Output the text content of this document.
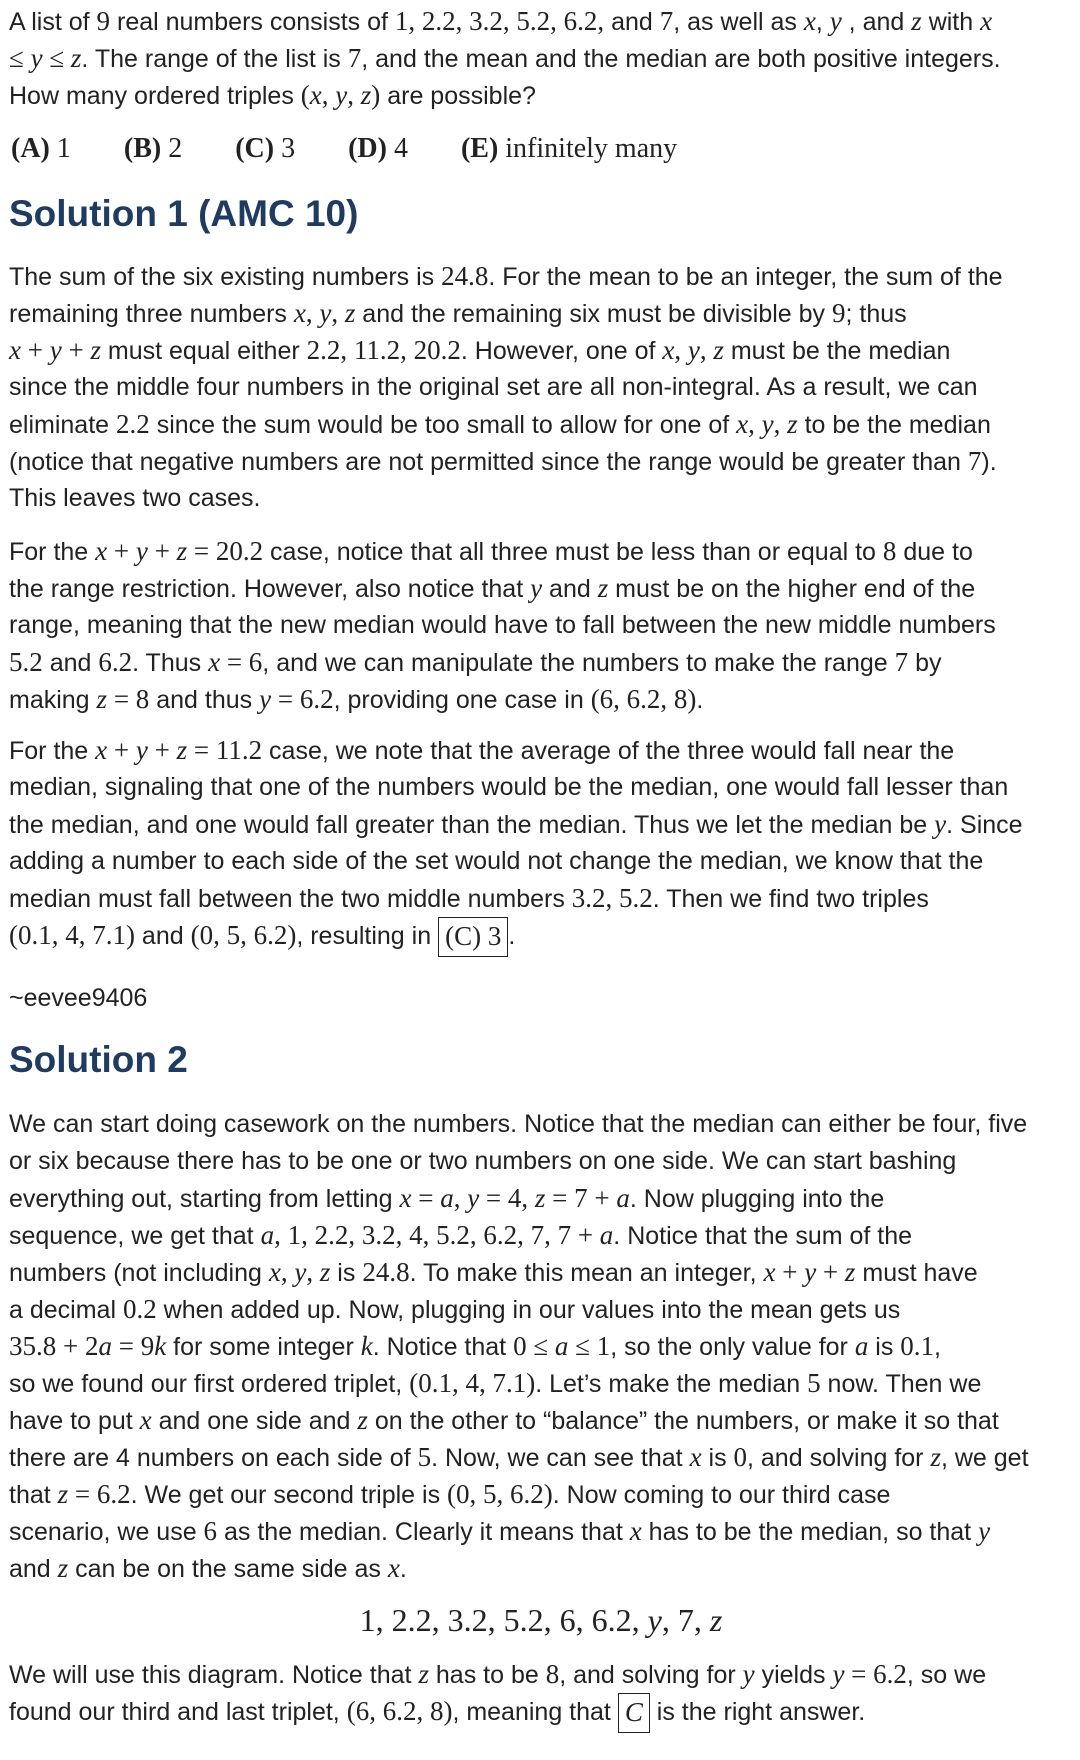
A list of 9 real numbers consists of 1, 2.2, 3.2, 5.2, 6.2, and 7, as well as x, y , and z with x
≤ y ≤ z. The range of the list is 7, and the mean and the median are both positive integers.
How many ordered triples (x, y, z) are possible?
(A) 1 (B) 2 (C) 3 (D) 4 (E) infinitely many
Solution 1 (AMC 10)
The sum of the six existing numbers is 24.8. For the mean to be an integer, the sum of the
remaining three numbers x, y, z and the remaining six must be divisible by 9; thus
x + y + z must equal either 2.2, 11.2, 20.2. However, one of x, y, z must be the median
since the middle four numbers in the original set are all non-integral. As a result, we can
eliminate 2.2 since the sum would be too small to allow for one of x, y, z to be the median
(notice that negative numbers are not permitted since the range would be greater than 7).
This leaves two cases.
For the x + y + z = 20.2 case, notice that all three must be less than or equal to 8 due to
the range restriction. However, also notice that y and z must be on the higher end of the
range, meaning that the new median would have to fall between the new middle numbers
5.2 and 6.2. Thus x = 6, and we can manipulate the numbers to make the range 7 by
making z = 8 and thus y = 6.2, providing one case in (6, 6.2, 8).
For the x + y + z = 11.2 case, we note that the average of the three would fall near the
median, signaling that one of the numbers would be the median, one would fall lesser than
the median, and one would fall greater than the median. Thus we let the median be y. Since
adding a number to each side of the set would not change the median, we know that the
median must fall between the two middle numbers 3.2, 5.2. Then we find two triples
(0.1, 4, 7.1) and (0, 5, 6.2), resulting in (C) 3 .
~eevee9406
Solution 2
We can start doing casework on the numbers. Notice that the median can either be four, five
or six because there has to be one or two numbers on one side. We can start bashing
everything out, starting from letting x = a, y = 4, z = 7 + a. Now plugging into the
sequence, we get that a, 1, 2.2, 3.2, 4, 5.2, 6.2, 7, 7 + a. Notice that the sum of the
numbers (not including x, y, z is 24.8. To make this mean an integer, x + y + z must have
a decimal 0.2 when added up. Now, plugging in our values into the mean gets us
35.8 + 2a = 9k for some integer k. Notice that 0 ≤ a ≤ 1, so the only value for a is 0.1,
so we found our first ordered triplet, (0.1, 4, 7.1). Let’s make the median 5 now. Then we
have to put x and one side and z on the other to “balance” the numbers, or make it so that
there are 4 numbers on each side of 5. Now, we can see that x is 0, and solving for z, we get
that z = 6.2. We get our second triple is (0, 5, 6.2). Now coming to our third case
scenario, we use 6 as the median. Clearly it means that x has to be the median, so that y
and z can be on the same side as x.
1, 2.2, 3.2, 5.2, 6, 6.2, y, 7, z
We will use this diagram. Notice that z has to be 8, and solving for y yields y = 6.2, so we
found our third and last triplet, (6, 6.2, 8), meaning that C is the right answer.
